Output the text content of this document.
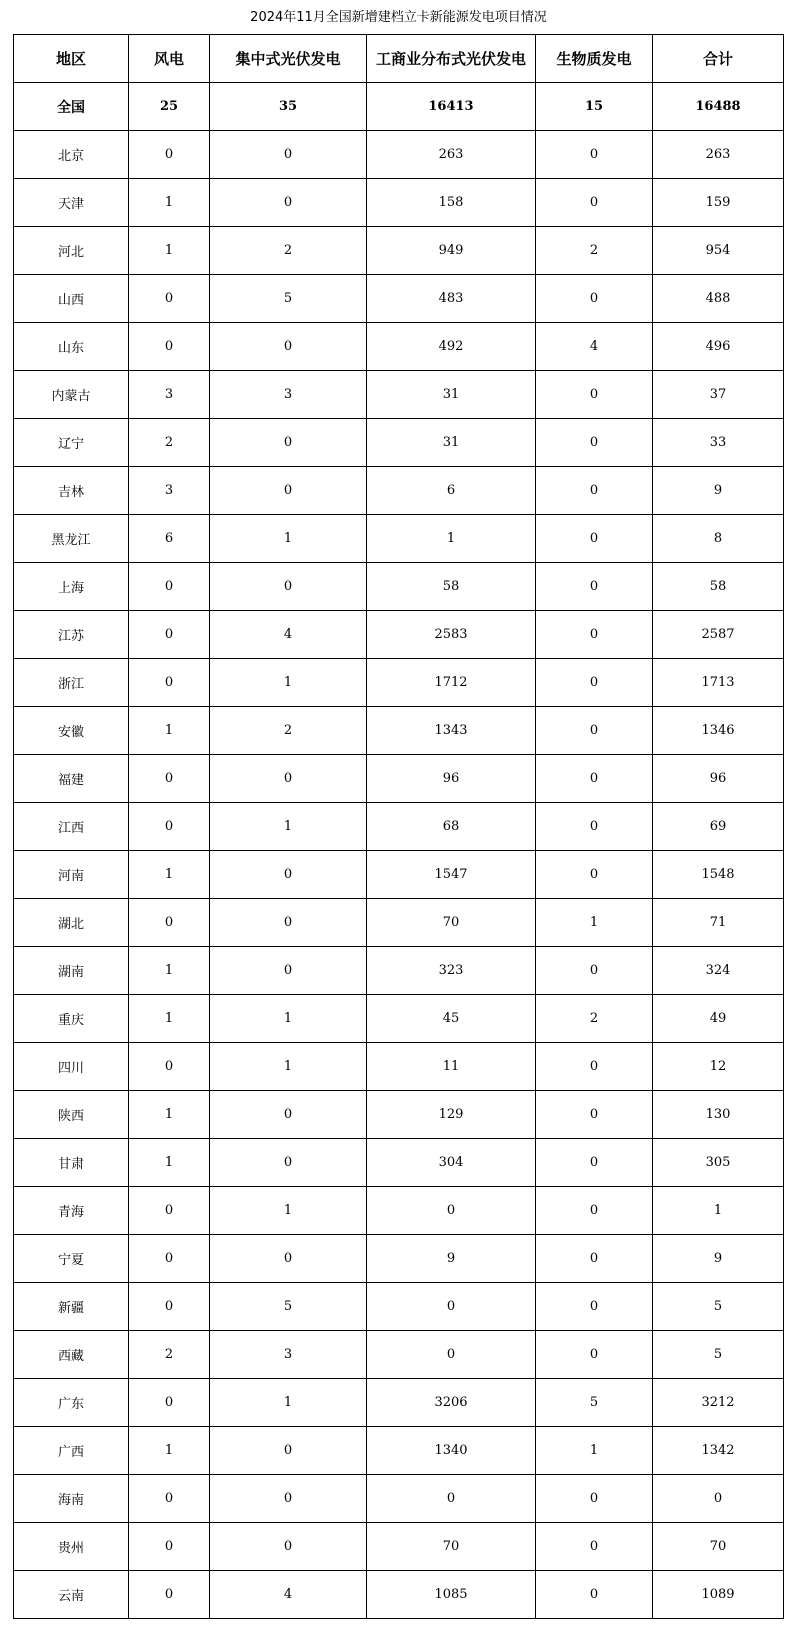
2024年11月全国新增建档立卡新能源发电项目情况
地区	风电	集中式光伏发电	工商业分布式光伏发电	生物质发电	合计
全国	25	35	16413	15	16488
北京	0	0	263	0	263
天津	1	0	158	0	159
河北	1	2	949	2	954
山西	0	5	483	0	488
山东	0	0	492	4	496
内蒙古	3	3	31	0	37
辽宁	2	0	31	0	33
吉林	3	0	6	0	9
黑龙江	6	1	1	0	8
上海	0	0	58	0	58
江苏	0	4	2583	0	2587
浙江	0	1	1712	0	1713
安徽	1	2	1343	0	1346
福建	0	0	96	0	96
江西	0	1	68	0	69
河南	1	0	1547	0	1548
湖北	0	0	70	1	71
湖南	1	0	323	0	324
重庆	1	1	45	2	49
四川	0	1	11	0	12
陕西	1	0	129	0	130
甘肃	1	0	304	0	305
青海	0	1	0	0	1
宁夏	0	0	9	0	9
新疆	0	5	0	0	5
西藏	2	3	0	0	5
广东	0	1	3206	5	3212
广西	1	0	1340	1	1342
海南	0	0	0	0	0
贵州	0	0	70	0	70
云南	0	4	1085	0	1089
